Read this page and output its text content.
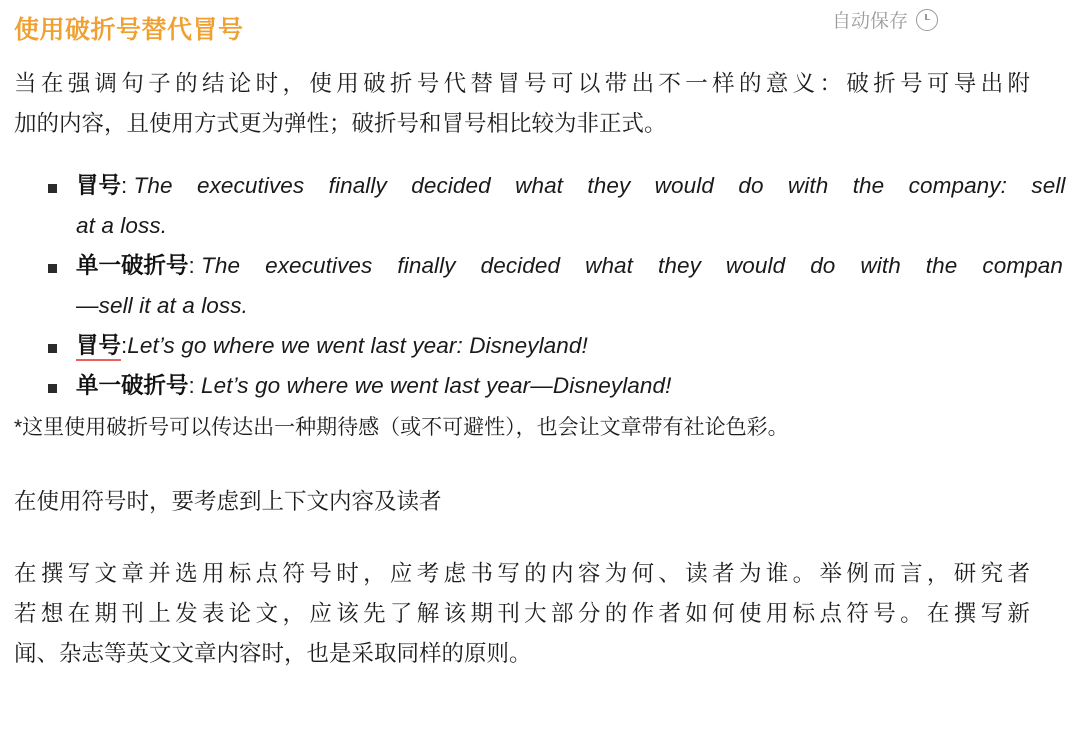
使用破折号替代冒号	自动保存

当在强调句子的结论时，使用破折号代替冒号可以带出不一样的意义：破折号可导出附
加的内容，且使用方式更为弹性；破折号和冒号相比较为非正式。

冒号: The executives finally decided what they would do with the company: sell
at a loss.
单一破折号: The executives finally decided what they would do with the compan
—sell it at a loss.
冒号:Let’s go where we went last year: Disneyland!
单一破折号: Let’s go where we went last year—Disneyland!

*这里使用破折号可以传达出一种期待感（或不可避性），也会让文章带有社论色彩。

在使用符号时，要考虑到上下文内容及读者

在撰写文章并选用标点符号时，应考虑书写的内容为何、读者为谁。举例而言，研究者
若想在期刊上发表论文，应该先了解该期刊大部分的作者如何使用标点符号。在撰写新
闻、杂志等英文文章内容时，也是采取同样的原则。
